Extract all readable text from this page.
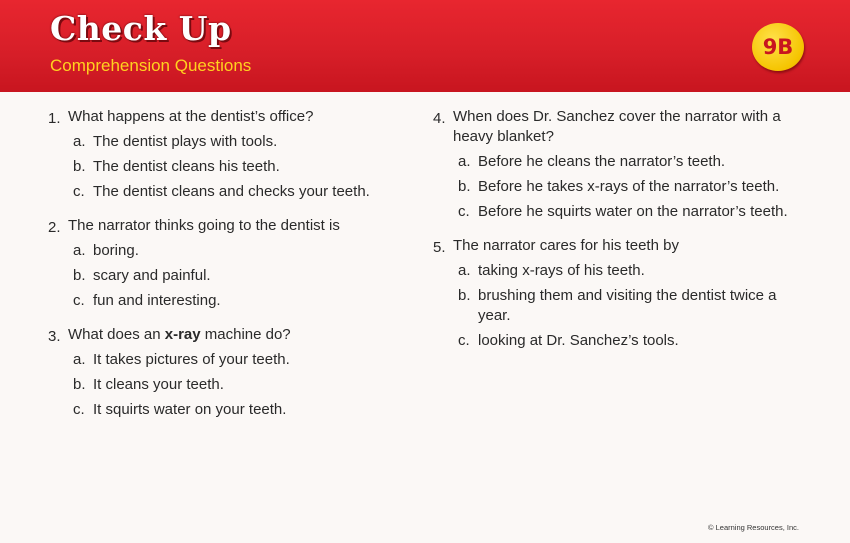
Check Up
Comprehension Questions
9B
1. What happens at the dentist’s office?
a. The dentist plays with tools.
b. The dentist cleans his teeth.
c. The dentist cleans and checks your teeth.
2. The narrator thinks going to the dentist is
a. boring.
b. scary and painful.
c. fun and interesting.
3. What does an x-ray machine do?
a. It takes pictures of your teeth.
b. It cleans your teeth.
c. It squirts water on your teeth.
4. When does Dr. Sanchez cover the narrator with a heavy blanket?
a. Before he cleans the narrator’s teeth.
b. Before he takes x-rays of the narrator’s teeth.
c. Before he squirts water on the narrator’s teeth.
5. The narrator cares for his teeth by
a. taking x-rays of his teeth.
b. brushing them and visiting the dentist twice a year.
c. looking at Dr. Sanchez’s tools.
© Learning Resources, Inc.
